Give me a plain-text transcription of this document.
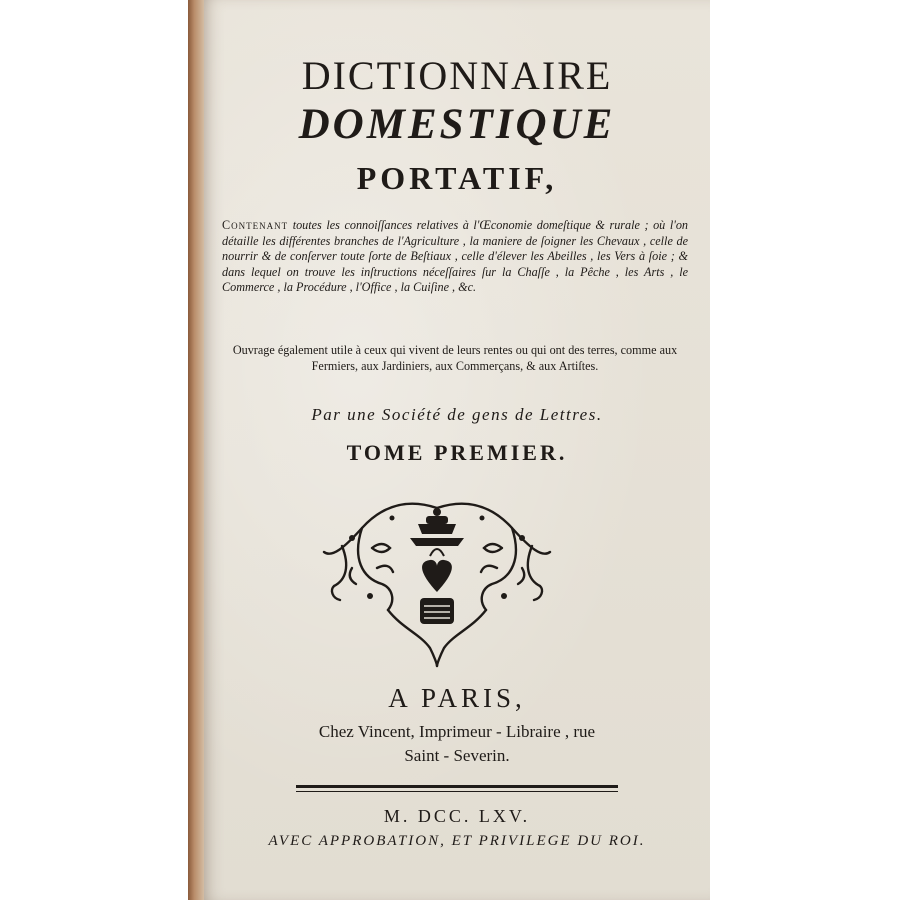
DICTIONNAIRE
DOMESTIQUE
PORTATIF,
Contenant toutes les connoiſſances relatives à l'Œconomie domeſtique & rurale ; où l'on détaille les différentes branches de l'Agriculture , la maniere de ſoigner les Chevaux , celle de nourrir & de conſerver toute ſorte de Beſtiaux , celle d'élever les Abeilles , les Vers à ſoie ; & dans lequel on trouve les inſtructions néceſſaires ſur la Chaſſe , la Pêche , les Arts , le Commerce , la Procédure , l'Office , la Cuiſine , &c.
Ouvrage également utile à ceux qui vivent de leurs rentes ou qui ont des terres, comme aux Fermiers, aux Jardiniers, aux Commerçans, & aux Artiſtes.
Par une Société de gens de Lettres.
TOME PREMIER.
A PARIS,
Chez Vincent, Imprimeur - Libraire , rue
Saint - Severin.
M. DCC. LXV.
AVEC APPROBATION, ET PRIVILEGE DU ROI.
